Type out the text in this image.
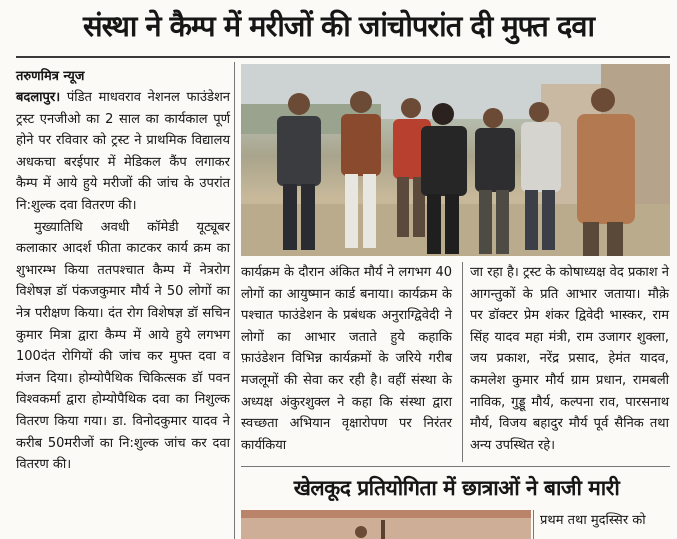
संस्था ने कैम्प में मरीजों की जांचोपरांत दी मुफ्त दवा
तरुणमित्र न्यूज

बदलापुर। पंडित माधवराव नेशनल फाउंडेशन ट्रस्ट एनजीओ का 2 साल का कार्यकाल पूर्ण होने पर रविवार को ट्रस्ट ने प्राथमिक विद्यालय अधकचा बरईपार में मेडिकल कैंप लगाकर कैम्प में आये हुये मरीजों की जांच के उपरांत नि:शुल्क दवा वितरण की।

मुख्यातिथि अवधी कॉमेडी यूट्यूबर कलाकार आदर्श फीता काटकर कार्य क्रम का शुभारम्भ किया ततपश्चात कैम्प में नेत्ररोग विशेषज्ञ डॉ पंकजकुमार मौर्य ने 50 लोगों का नेत्र परीक्षण किया। दंत रोग विशेषज्ञ डॉ सचिन कुमार मित्रा द्वारा कैम्प में आये हुये लगभग 100दंत रोगियों की जांच कर मुफ्त दवा व मंजन दिया। होम्योपैथिक चिकित्सक डॉ पवन विश्वकर्मा द्वारा होम्योपैथिक दवा का निशुल्क वितरण किया गया। डा. विनोदकुमार यादव ने करीब 50मरीजों का नि:शुल्क जांच कर दवा वितरण की।

कार्यक्रम के दौरान अंकित मौर्य ने लगभग 40 लोगों का आयुष्मान कार्ड बनाया। कार्यक्रम के पश्चात फाउंडेशन के प्रबंधक अनुराग्द्विवेदी ने लोगों का आभार जताते हुये कहाकि फ़ाउंडेशन विभिन्न कार्यक्रमों के जरिये गरीब मजलूमों की सेवा कर रही है। वहीं संस्था के अध्यक्ष अंकुरशुक्ल ने कहा कि संस्था द्वारा स्वच्छता अभियान वृक्षारोपण पर निरंतर कार्यकिया

जा रहा है। ट्रस्ट के कोषाध्यक्ष वेद प्रकाश ने आगन्तुकों के प्रति आभार जताया। मौक़े पर डॉक्टर प्रेम शंकर द्विवेदी भास्कर, राम सिंह यादव महा मंत्री, राम उजागर शुक्ला, जय प्रकाश, नरेंद्र प्रसाद, हेमंत यादव, कमलेश कुमार मौर्य ग्राम प्रधान, रामबली नाविक, गुड्डू मौर्य, कल्पना राव, पारसनाथ मौर्य, विजय बहादुर मौर्य पूर्व सैनिक तथा अन्य उपस्थित रहे।

खेलकूद प्रतियोगिता में छात्राओं ने बाजी मारी

प्रथम तथा मुदस्सिर को
